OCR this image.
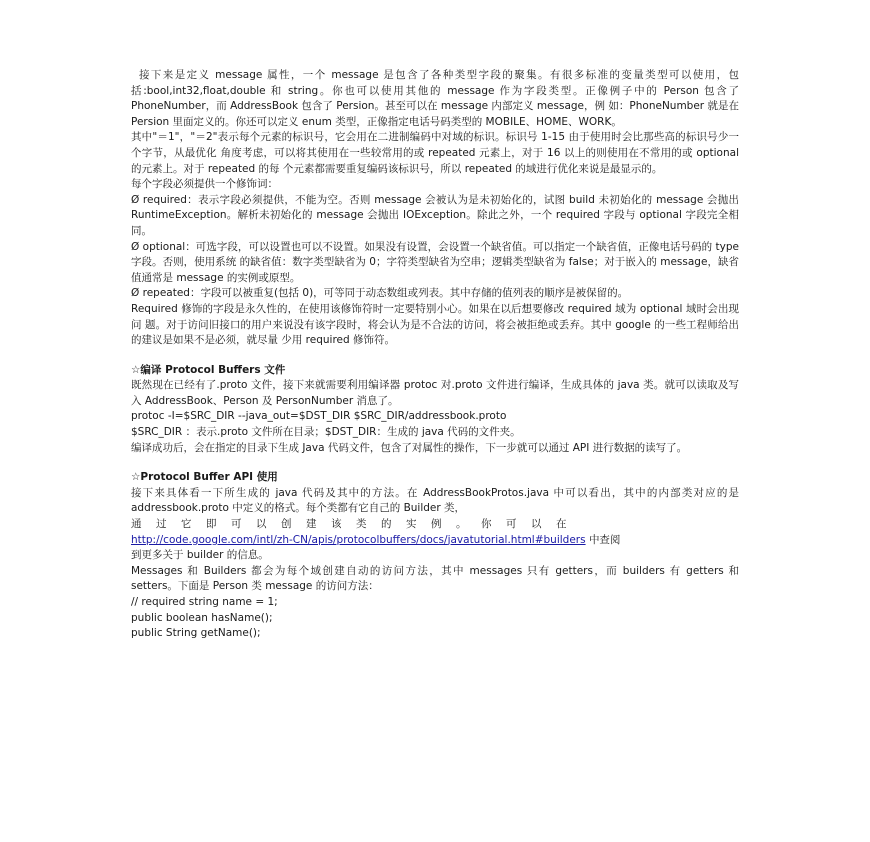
接下来是定义 message 属性，一个 message 是包含了各种类型字段的聚集。有很多标准的变量类型可以使用，包 括:bool,int32,float,double 和 string。你也可以使用其他的 message 作为字段类型。正像例子中的 Person 包含了 PhoneNumber，而 AddressBook 包含了 Persion。甚至可以在 message 内部定义 message，例 如：PhoneNumber 就是在 Persion 里面定义的。你还可以定义 enum 类型，正像指定电话号码类型的 MOBILE、HOME、WORK。

其中"＝1"，"＝2"表示每个元素的标识号，它会用在二进制编码中对域的标识。标识号 1-15 由于使用时会比那些高的标识号少一个字节，从最优化 角度考虑，可以将其使用在一些较常用的或 repeated 元素上，对于 16 以上的则使用在不常用的或 optional 的元素上。对于 repeated 的每 个元素都需要重复编码该标识号，所以 repeated 的域进行优化来说是最显示的。

每个字段必须提供一个修饰词：

Ø required：表示字段必须提供，不能为空。否则 message 会被认为是未初始化的，试图 build 未初始化的 message 会抛出 RuntimeException。解析未初始化的 message 会抛出 IOException。除此之外，一个 required 字段与 optional 字段完全相同。

Ø optional：可选字段，可以设置也可以不设置。如果没有设置，会设置一个缺省值。可以指定一个缺省值，正像电话号码的 type 字段。否则，使用系统 的缺省值：数字类型缺省为 0；字符类型缺省为空串；逻辑类型缺省为 false；对于嵌入的 message，缺省值通常是 message 的实例或原型。

Ø repeated：字段可以被重复(包括 0)，可等同于动态数组或列表。其中存储的值列表的顺序是被保留的。

Required 修饰的字段是永久性的，在使用该修饰符时一定要特别小心。如果在以后想要修改 required 域为 optional 域时会出现问 题。对于访问旧接口的用户来说没有该字段时，将会认为是不合法的访问，将会被拒绝或丢弃。其中 google 的一些工程师给出的建议是如果不是必须，就尽量 少用 required 修饰符。

☆编译 Protocol Buffers 文件

既然现在已经有了.proto 文件，接下来就需要利用编译器 protoc 对.proto 文件进行编译，生成具体的 java 类。就可以读取及写入 AddressBook、Person 及 PersonNumber 消息了。

protoc -I=$SRC_DIR --java_out=$DST_DIR $SRC_DIR/addressbook.proto

$SRC_DIR ：表示.proto 文件所在目录；$DST_DIR：生成的 java 代码的文件夹。

编译成功后，会在指定的目录下生成 Java 代码文件，包含了对属性的操作，下一步就可以通过 API 进行数据的读写了。

☆Protocol Buffer API 使用

接下来具体看一下所生成的 java 代码及其中的方法。在 AddressBookProtos.java 中可以看出，其中的内部类对应的是 addressbook.proto 中定义的格式。每个类都有它自己的 Builder 类，

通过它即可以创建该类的实例。你可以在

http://code.google.com/intl/zh-CN/apis/protocolbuffers/docs/javatutorial.html#builders 中查阅

到更多关于 builder 的信息。

Messages 和 Builders 都会为每个域创建自动的访问方法，其中 messages 只有 getters，而 builders 有 getters 和 setters。下面是 Person 类 message 的访问方法：

// required string name = 1;

public boolean hasName();

public String getName();
